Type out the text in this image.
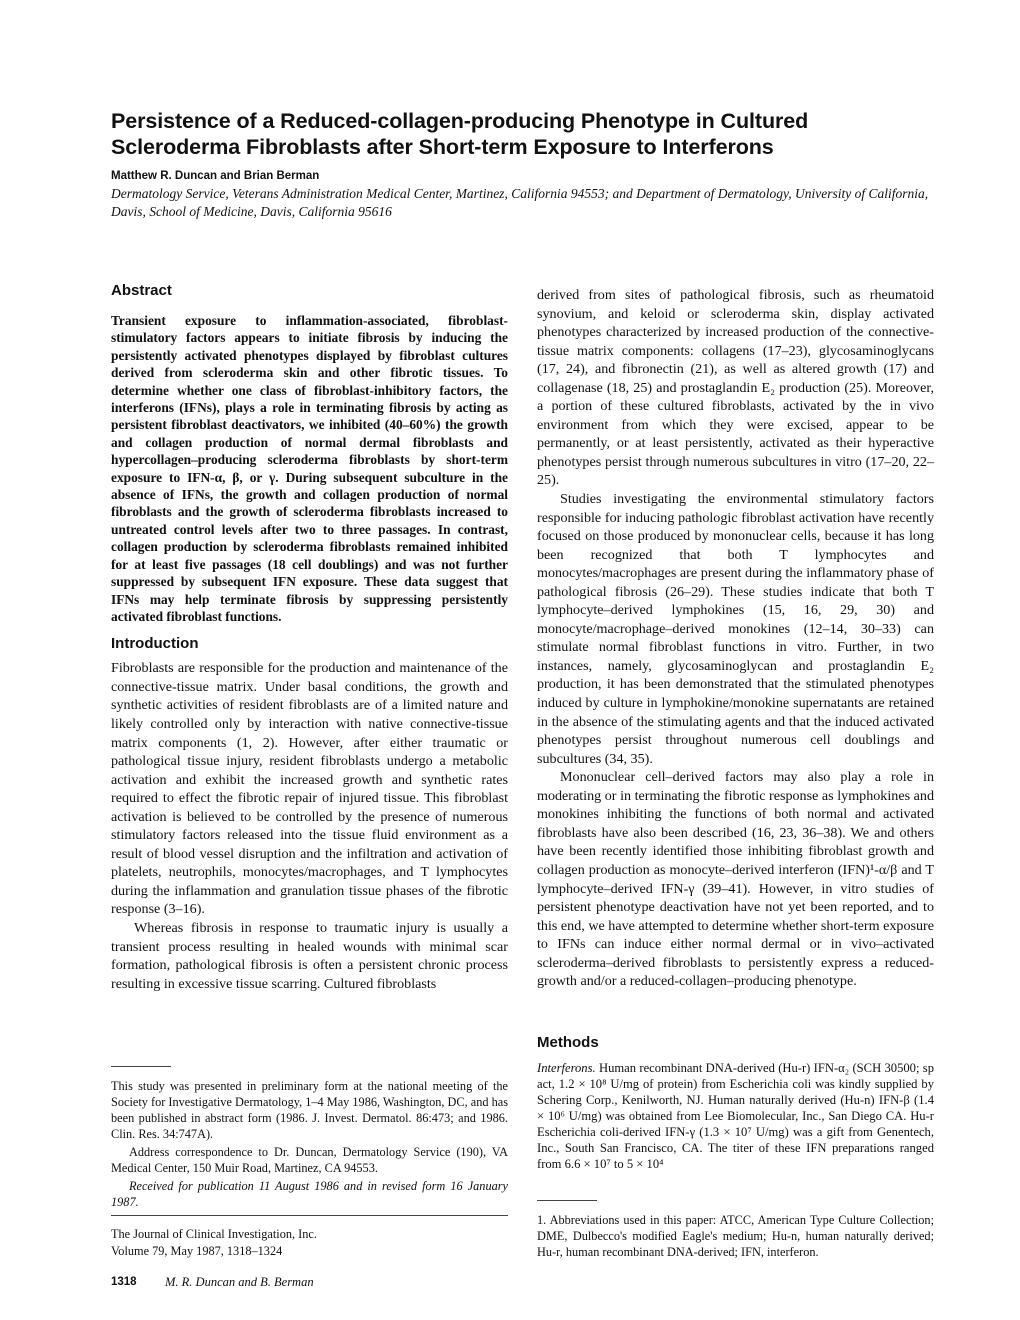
Persistence of a Reduced-collagen-producing Phenotype in Cultured Scleroderma Fibroblasts after Short-term Exposure to Interferons
Matthew R. Duncan and Brian Berman
Dermatology Service, Veterans Administration Medical Center, Martinez, California 94553; and Department of Dermatology, University of California, Davis, School of Medicine, Davis, California 95616
Abstract

Transient exposure to inflammation-associated, fibroblast-stimulatory factors appears to initiate fibrosis by inducing the persistently activated phenotypes displayed by fibroblast cultures derived from scleroderma skin and other fibrotic tissues. To determine whether one class of fibroblast-inhibitory factors, the interferons (IFNs), plays a role in terminating fibrosis by acting as persistent fibroblast deactivators, we inhibited (40–60%) the growth and collagen production of normal dermal fibroblasts and hypercollagen–producing scleroderma fibroblasts by short-term exposure to IFN-α, β, or γ. During subsequent subculture in the absence of IFNs, the growth and collagen production of normal fibroblasts and the growth of scleroderma fibroblasts increased to untreated control levels after two to three passages. In contrast, collagen production by scleroderma fibroblasts remained inhibited for at least five passages (18 cell doublings) and was not further suppressed by subsequent IFN exposure. These data suggest that IFNs may help terminate fibrosis by suppressing persistently activated fibroblast functions.

Introduction

Fibroblasts are responsible for the production and maintenance of the connective-tissue matrix. Under basal conditions, the growth and synthetic activities of resident fibroblasts are of a limited nature and likely controlled only by interaction with native connective-tissue matrix components (1, 2). However, after either traumatic or pathological tissue injury, resident fibroblasts undergo a metabolic activation and exhibit the increased growth and synthetic rates required to effect the fibrotic repair of injured tissue. This fibroblast activation is believed to be controlled by the presence of numerous stimulatory factors released into the tissue fluid environment as a result of blood vessel disruption and the infiltration and activation of platelets, neutrophils, monocytes/macrophages, and T lymphocytes during the inflammation and granulation tissue phases of the fibrotic response (3–16).

Whereas fibrosis in response to traumatic injury is usually a transient process resulting in healed wounds with minimal scar formation, pathological fibrosis is often a persistent chronic process resulting in excessive tissue scarring. Cultured fibroblasts

derived from sites of pathological fibrosis, such as rheumatoid synovium, and keloid or scleroderma skin, display activated phenotypes characterized by increased production of the connective-tissue matrix components: collagens (17–23), glycosaminoglycans (17, 24), and fibronectin (21), as well as altered growth (17) and collagenase (18, 25) and prostaglandin E₂ production (25). Moreover, a portion of these cultured fibroblasts, activated by the in vivo environment from which they were excised, appear to be permanently, or at least persistently, activated as their hyperactive phenotypes persist through numerous subcultures in vitro (17–20, 22–25).

Studies investigating the environmental stimulatory factors responsible for inducing pathologic fibroblast activation have recently focused on those produced by mononuclear cells, because it has long been recognized that both T lymphocytes and monocytes/macrophages are present during the inflammatory phase of pathological fibrosis (26–29). These studies indicate that both T lymphocyte–derived lymphokines (15, 16, 29, 30) and monocyte/macrophage–derived monokines (12–14, 30–33) can stimulate normal fibroblast functions in vitro. Further, in two instances, namely, glycosaminoglycan and prostaglandin E₂ production, it has been demonstrated that the stimulated phenotypes induced by culture in lymphokine/monokine supernatants are retained in the absence of the stimulating agents and that the induced activated phenotypes persist throughout numerous cell doublings and subcultures (34, 35).

Mononuclear cell–derived factors may also play a role in moderating or in terminating the fibrotic response as lymphokines and monokines inhibiting the functions of both normal and activated fibroblasts have also been described (16, 23, 36–38). We and others have been recently identified those inhibiting fibroblast growth and collagen production as monocyte–derived interferon (IFN)¹-α/β and T lymphocyte–derived IFN-γ (39–41). However, in vitro studies of persistent phenotype deactivation have not yet been reported, and to this end, we have attempted to determine whether short-term exposure to IFNs can induce either normal dermal or in vivo–activated scleroderma–derived fibroblasts to persistently express a reduced-growth and/or a reduced-collagen–producing phenotype.

Methods

Interferons. Human recombinant DNA-derived (Hu-r) IFN-α₂ (SCH 30500; sp act, 1.2 × 10⁸ U/mg of protein) from Escherichia coli was kindly supplied by Schering Corp., Kenilworth, NJ. Human naturally derived (Hu-n) IFN-β (1.4 × 10⁶ U/mg) was obtained from Lee Biomolecular, Inc., San Diego CA. Hu-r Escherichia coli-derived IFN-γ (1.3 × 10⁷ U/mg) was a gift from Genentech, Inc., South San Francisco, CA. The titer of these IFN preparations ranged from 6.6 × 10⁷ to 5 × 10⁴

This study was presented in preliminary form at the national meeting of the Society for Investigative Dermatology, 1–4 May 1986, Washington, DC, and has been published in abstract form (1986. J. Invest. Dermatol. 86:473; and 1986. Clin. Res. 34:747A).

Address correspondence to Dr. Duncan, Dermatology Service (190), VA Medical Center, 150 Muir Road, Martinez, CA 94553.

Received for publication 11 August 1986 and in revised form 16 January 1987.

The Journal of Clinical Investigation, Inc.
Volume 79, May 1987, 1318–1324

1. Abbreviations used in this paper: ATCC, American Type Culture Collection; DME, Dulbecco's modified Eagle's medium; Hu-n, human naturally derived; Hu-r, human recombinant DNA-derived; IFN, interferon.

1318 M. R. Duncan and B. Berman
